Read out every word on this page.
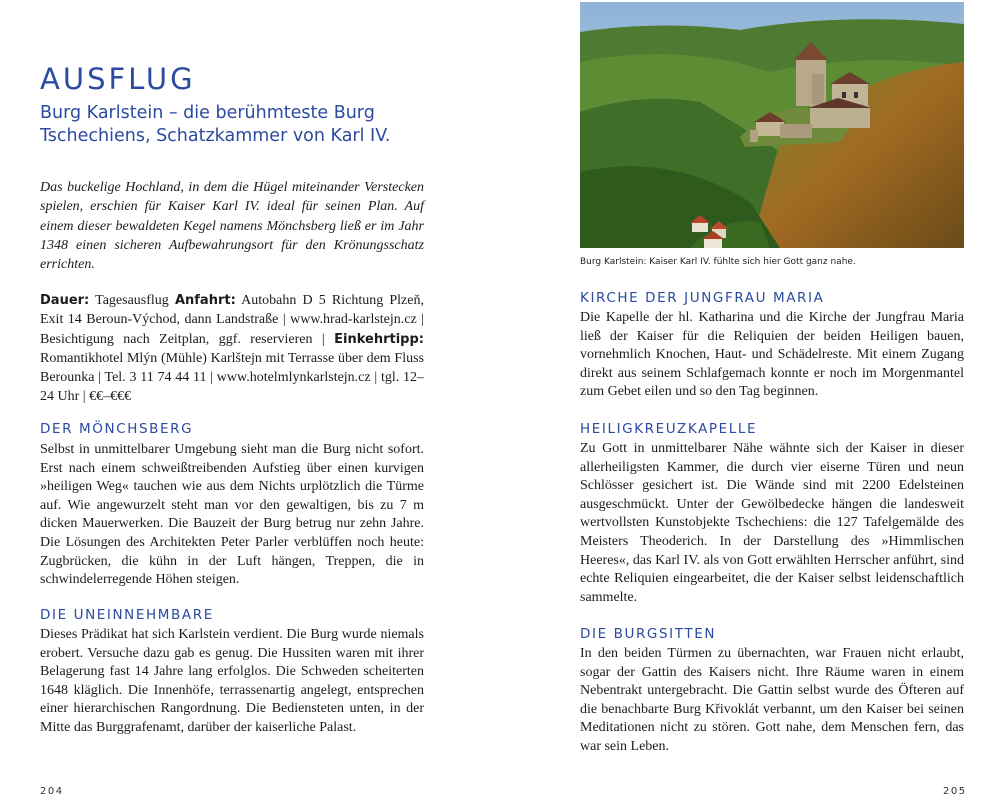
AUSFLUG
Burg Karlstein – die berühmteste Burg Tschechiens, Schatzkammer von Karl IV.

Das buckelige Hochland, in dem die Hügel miteinander Verstecken spielen, erschien für Kaiser Karl IV. ideal für seinen Plan. Auf einem dieser bewaldeten Kegel namens Mönchsberg ließ er im Jahr 1348 einen sicheren Aufbewahrungsort für den Krönungsschatz errichten.

Dauer: Tagesausflug Anfahrt: Autobahn D 5 Richtung Plzeň, Exit 14 Beroun-Východ, dann Landstraße | www.hrad-karlstejn.cz | Besichtigung nach Zeitplan, ggf. reservieren | Einkehrtipp: Romantikhotel Mlýn (Mühle) Karlštejn mit Terrasse über dem Fluss Berounka | Tel. 3 11 74 44 11 | www.hotelmlynkarlstejn.cz | tgl. 12–24 Uhr | €€–€€€

DER MÖNCHSBERG

Selbst in unmittelbarer Umgebung sieht man die Burg nicht sofort. Erst nach einem schweißtreibenden Aufstieg über einen kurvigen »heiligen Weg« tauchen wie aus dem Nichts urplötzlich die Türme auf. Wie angewurzelt steht man vor den gewaltigen, bis zu 7 m dicken Mauerwerken. Die Bauzeit der Burg betrug nur zehn Jahre. Die Lösungen des Architekten Peter Parler verblüffen noch heute: Zugbrücken, die kühn in der Luft hängen, Treppen, die in schwindelerregende Höhen steigen.

DIE UNEINNEHMBARE

Dieses Prädikat hat sich Karlstein verdient. Die Burg wurde niemals erobert. Versuche dazu gab es genug. Die Hussiten waren mit ihrer Belagerung fast 14 Jahre lang erfolglos. Die Schweden scheiterten 1648 kläglich. Die Innenhöfe, terrassenartig angelegt, entsprechen einer hierarchischen Rangordnung. Die Bediensteten unten, in der Mitte das Burggrafenamt, darüber der kaiserliche Palast.

204

Burg Karlstein: Kaiser Karl IV. fühlte sich hier Gott ganz nahe.

KIRCHE DER JUNGFRAU MARIA

Die Kapelle der hl. Katharina und die Kirche der Jungfrau Maria ließ der Kaiser für die Reliquien der beiden Heiligen bauen, vornehmlich Knochen, Haut- und Schädelreste. Mit einem Zugang direkt aus seinem Schlafgemach konnte er noch im Morgenmantel zum Gebet eilen und so den Tag beginnen.

HEILIGKREUZKAPELLE

Zu Gott in unmittelbarer Nähe wähnte sich der Kaiser in dieser allerheiligsten Kammer, die durch vier eiserne Türen und neun Schlösser gesichert ist. Die Wände sind mit 2200 Edelsteinen ausgeschmückt. Unter der Gewölbedecke hängen die landesweit wertvollsten Kunstobjekte Tschechiens: die 127 Tafelgemälde des Meisters Theoderich. In der Darstellung des »Himmlischen Heeres«, das Karl IV. als von Gott erwählten Herrscher anführt, sind echte Reliquien eingearbeitet, die der Kaiser selbst leidenschaftlich sammelte.

DIE BURGSITTEN

In den beiden Türmen zu übernachten, war Frauen nicht erlaubt, sogar der Gattin des Kaisers nicht. Ihre Räume waren in einem Nebentrakt untergebracht. Die Gattin selbst wurde des Öfteren auf die benachbarte Burg Křivoklát verbannt, um den Kaiser bei seinen Meditationen nicht zu stören. Gott nahe, dem Menschen fern, das war sein Leben.

205
